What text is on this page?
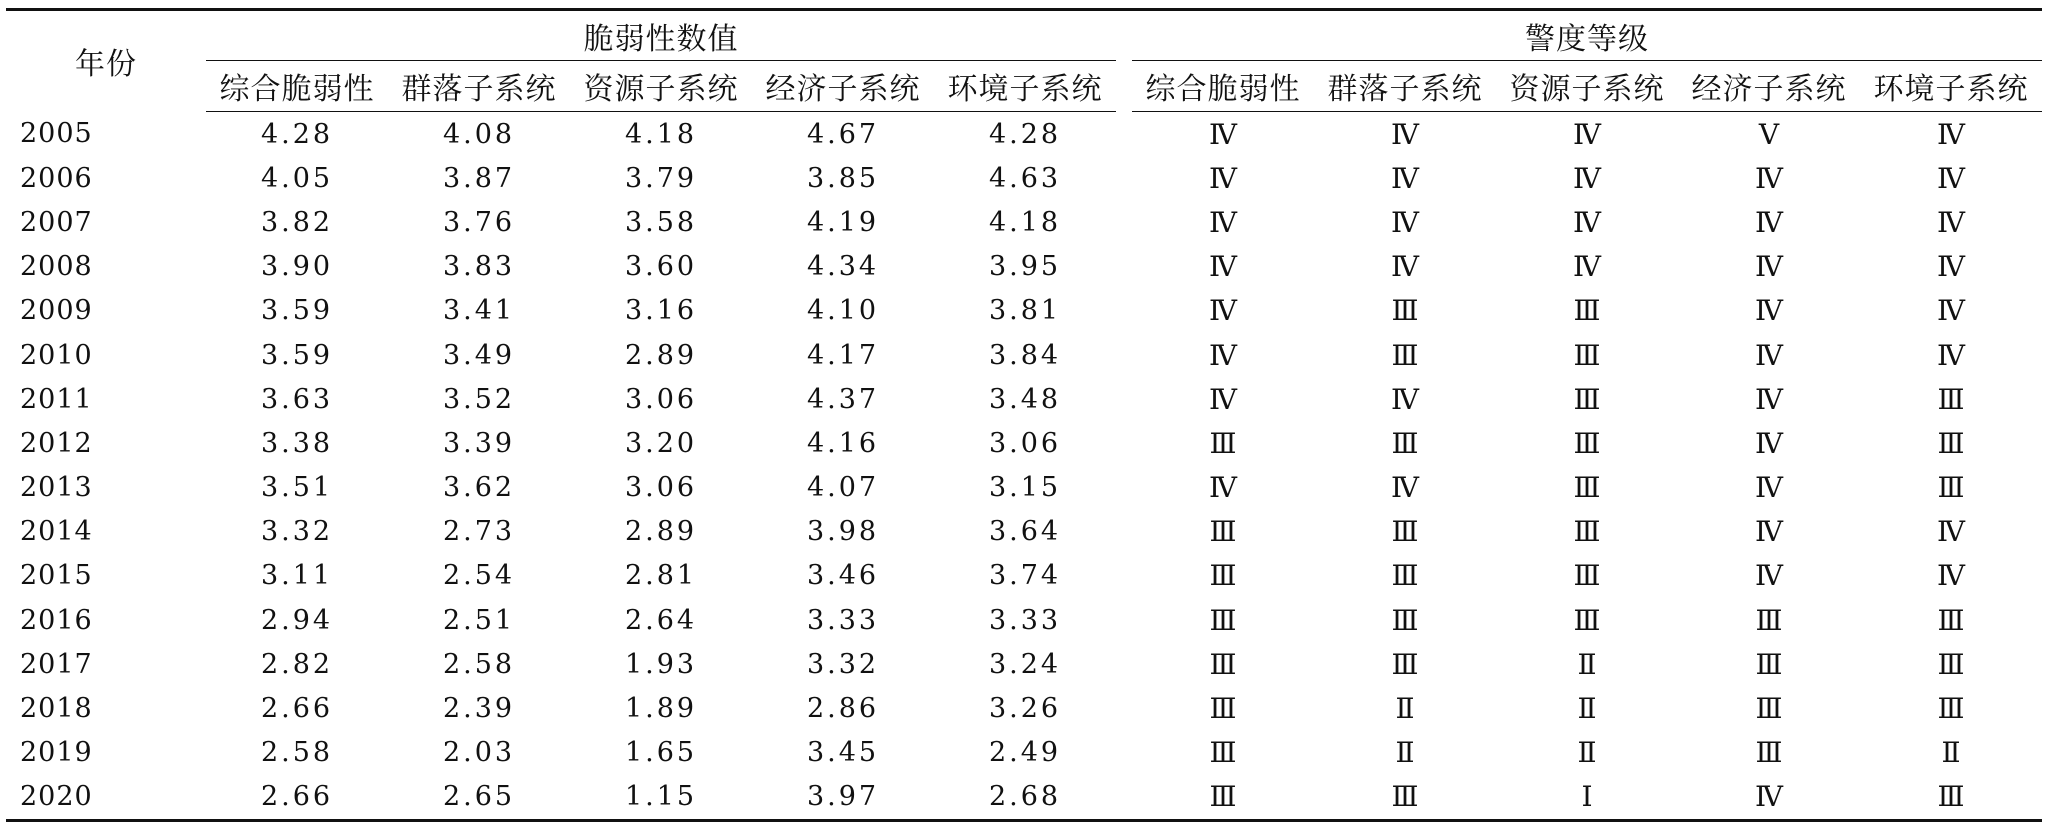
年份	脆弱性数值						警度等级				

	综合脆弱性	群落子系统	资源子系统	经济子系统	环境子系统		综合脆弱性	群落子系统	资源子系统	经济子系统	环境子系统
2005	4.28	4.08	4.18	4.67	4.28		Ⅳ	Ⅳ	Ⅳ	Ⅴ	Ⅳ
2006	4.05	3.87	3.79	3.85	4.63		Ⅳ	Ⅳ	Ⅳ	Ⅳ	Ⅳ
2007	3.82	3.76	3.58	4.19	4.18		Ⅳ	Ⅳ	Ⅳ	Ⅳ	Ⅳ
2008	3.90	3.83	3.60	4.34	3.95		Ⅳ	Ⅳ	Ⅳ	Ⅳ	Ⅳ
2009	3.59	3.41	3.16	4.10	3.81		Ⅳ	Ⅲ	Ⅲ	Ⅳ	Ⅳ
2010	3.59	3.49	2.89	4.17	3.84		Ⅳ	Ⅲ	Ⅲ	Ⅳ	Ⅳ
2011	3.63	3.52	3.06	4.37	3.48		Ⅳ	Ⅳ	Ⅲ	Ⅳ	Ⅲ
2012	3.38	3.39	3.20	4.16	3.06		Ⅲ	Ⅲ	Ⅲ	Ⅳ	Ⅲ
2013	3.51	3.62	3.06	4.07	3.15		Ⅳ	Ⅳ	Ⅲ	Ⅳ	Ⅲ
2014	3.32	2.73	2.89	3.98	3.64		Ⅲ	Ⅲ	Ⅲ	Ⅳ	Ⅳ
2015	3.11	2.54	2.81	3.46	3.74		Ⅲ	Ⅲ	Ⅲ	Ⅳ	Ⅳ
2016	2.94	2.51	2.64	3.33	3.33		Ⅲ	Ⅲ	Ⅲ	Ⅲ	Ⅲ
2017	2.82	2.58	1.93	3.32	3.24		Ⅲ	Ⅲ	Ⅱ	Ⅲ	Ⅲ
2018	2.66	2.39	1.89	2.86	3.26		Ⅲ	Ⅱ	Ⅱ	Ⅲ	Ⅲ
2019	2.58	2.03	1.65	3.45	2.49		Ⅲ	Ⅱ	Ⅱ	Ⅲ	Ⅱ
2020	2.66	2.65	1.15	3.97	2.68		Ⅲ	Ⅲ	Ⅰ	Ⅳ	Ⅲ
